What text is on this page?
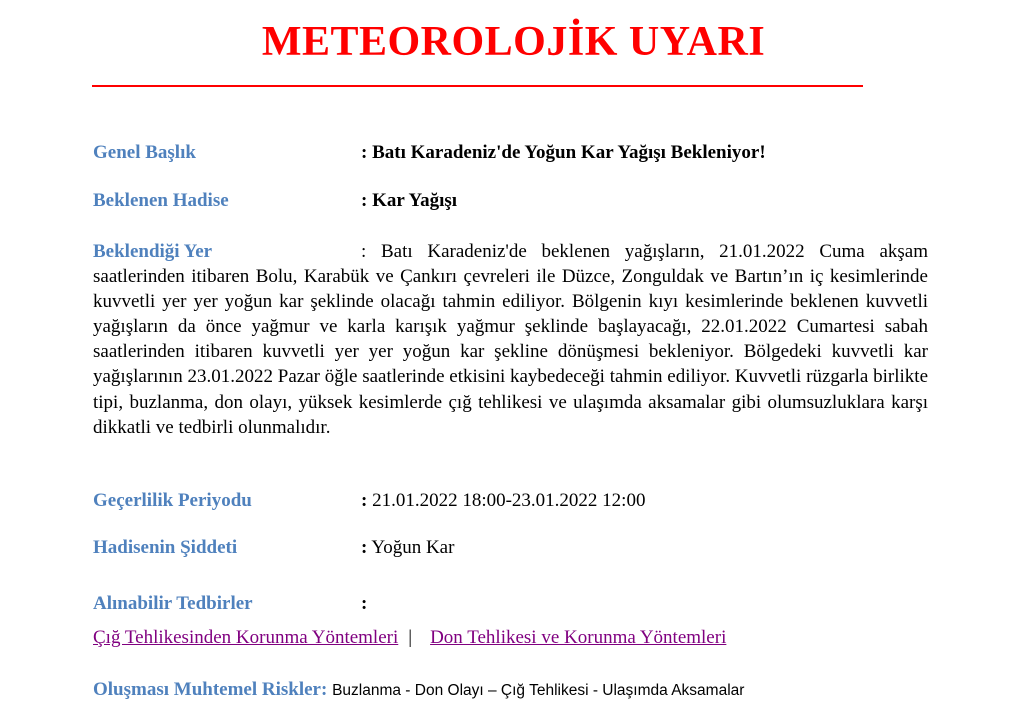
METEOROLOJİK UYARI
Genel Başlık	: Batı Karadeniz'de Yoğun Kar Yağışı Bekleniyor!
Beklenen Hadise	: Kar Yağışı
Beklendiği Yer	: Batı Karadeniz'de beklenen yağışların, 21.01.2022 Cuma akşam saatlerinden itibaren Bolu, Karabük ve Çankırı çevreleri ile Düzce, Zonguldak ve Bartın’ın iç kesimlerinde kuvvetli yer yer yoğun kar şeklinde olacağı tahmin ediliyor. Bölgenin kıyı kesimlerinde beklenen kuvvetli yağışların da önce yağmur ve karla karışık yağmur şeklinde başlayacağı, 22.01.2022 Cumartesi sabah saatlerinden itibaren kuvvetli yer yer yoğun kar şekline dönüşmesi bekleniyor. Bölgedeki kuvvetli kar yağışlarının 23.01.2022 Pazar öğle saatlerinde etkisini kaybedeceği tahmin ediliyor. Kuvvetli rüzgarla birlikte tipi, buzlanma, don olayı, yüksek kesimlerde çığ tehlikesi ve ulaşımda aksamalar gibi olumsuzluklara karşı dikkatli ve tedbirli olunmalıdır.
Geçerlilik Periyodu	: 21.01.2022 18:00-23.01.2022 12:00
Hadisenin Şiddeti	: Yoğun Kar
Alınabilir Tedbirler	:
Çığ Tehlikesinden Korunma Yöntemleri | Don Tehlikesi ve Korunma Yöntemleri
Oluşması Muhtemel Riskler: Buzlanma - Don Olayı – Çığ Tehlikesi - Ulaşımda Aksamalar
